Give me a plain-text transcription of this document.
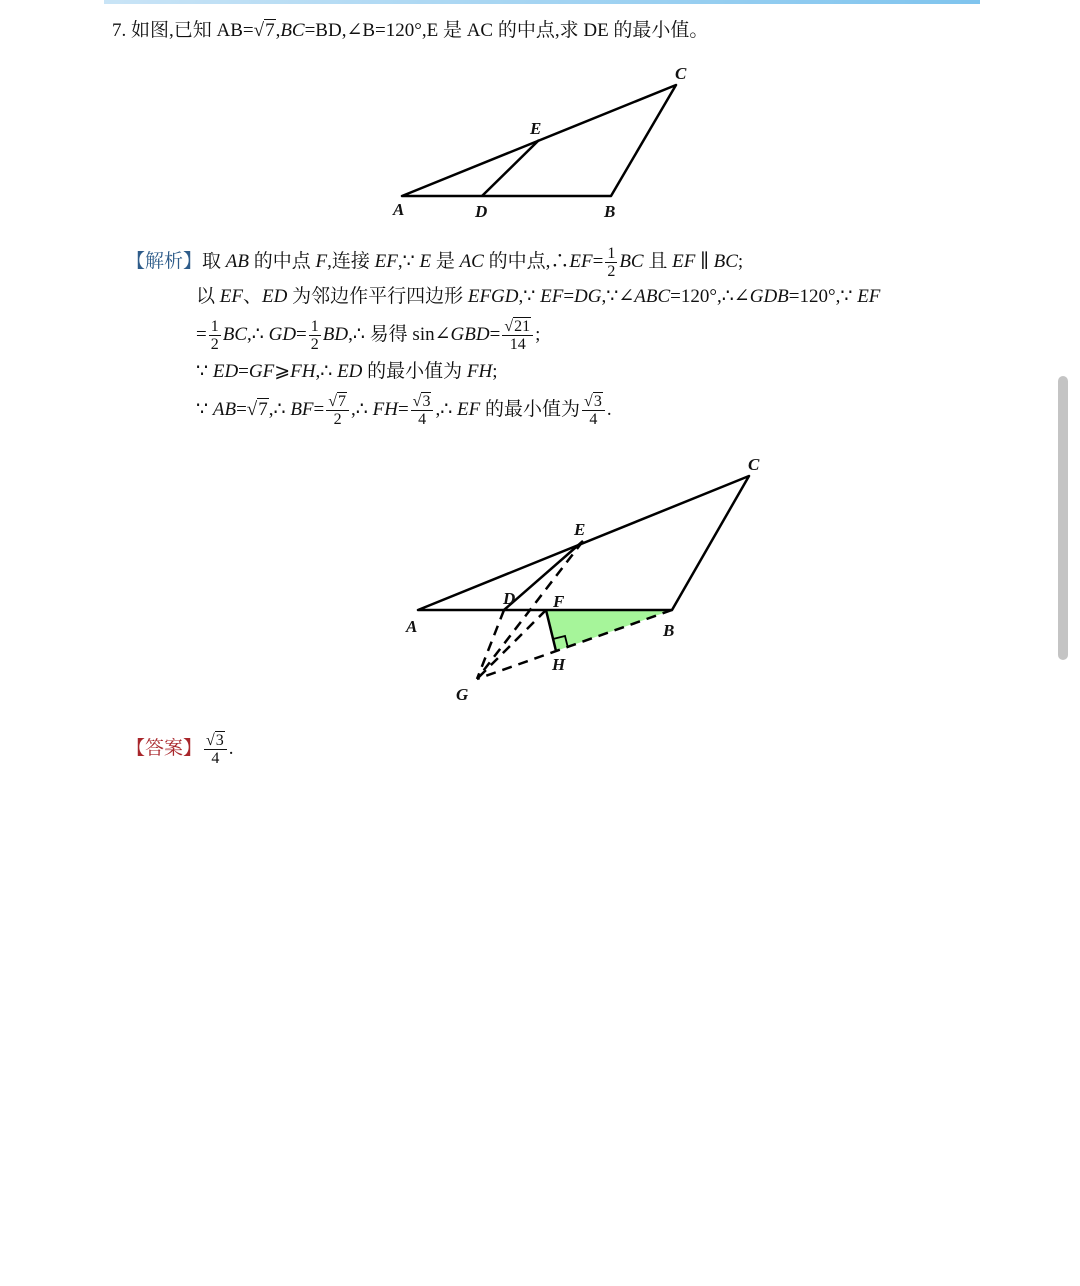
7. 如图,已知 AB=√7,BC=BD,∠B=120°,E 是 AC 的中点,求 DE 的最小值。
A	D	B
C
E
【解析】取 AB 的中点 F,连接 EF,∵ E 是 AC 的中点,∴EF= $\frac{1}{2}$ BC 且 EF ∥ BC;
以 EF、ED 为邻边作平行四边形 EFGD,∵ EF=DG,∵∠ABC=120°,∴∠GDB=120°,∵ EF
= $\frac{1}{2}$ BC,∴ $GD= \frac{1}{2}$ BD,∴ 易得 sin∠GBD= $\frac{√21}{14}$ ;
∵ ED=GF⩾FH,∴ ED 的最小值为 FH;
∵ AB=√7,∴ $BF= \frac{√7}{2}$ ,∴ $FH= \frac{√3}{4}$ ,∴ EF 的最小值为 $\frac{√3}{4}$ .
A	B
C
D
E
F
G
H
【答案】 $\frac{√3}{4}$ .
